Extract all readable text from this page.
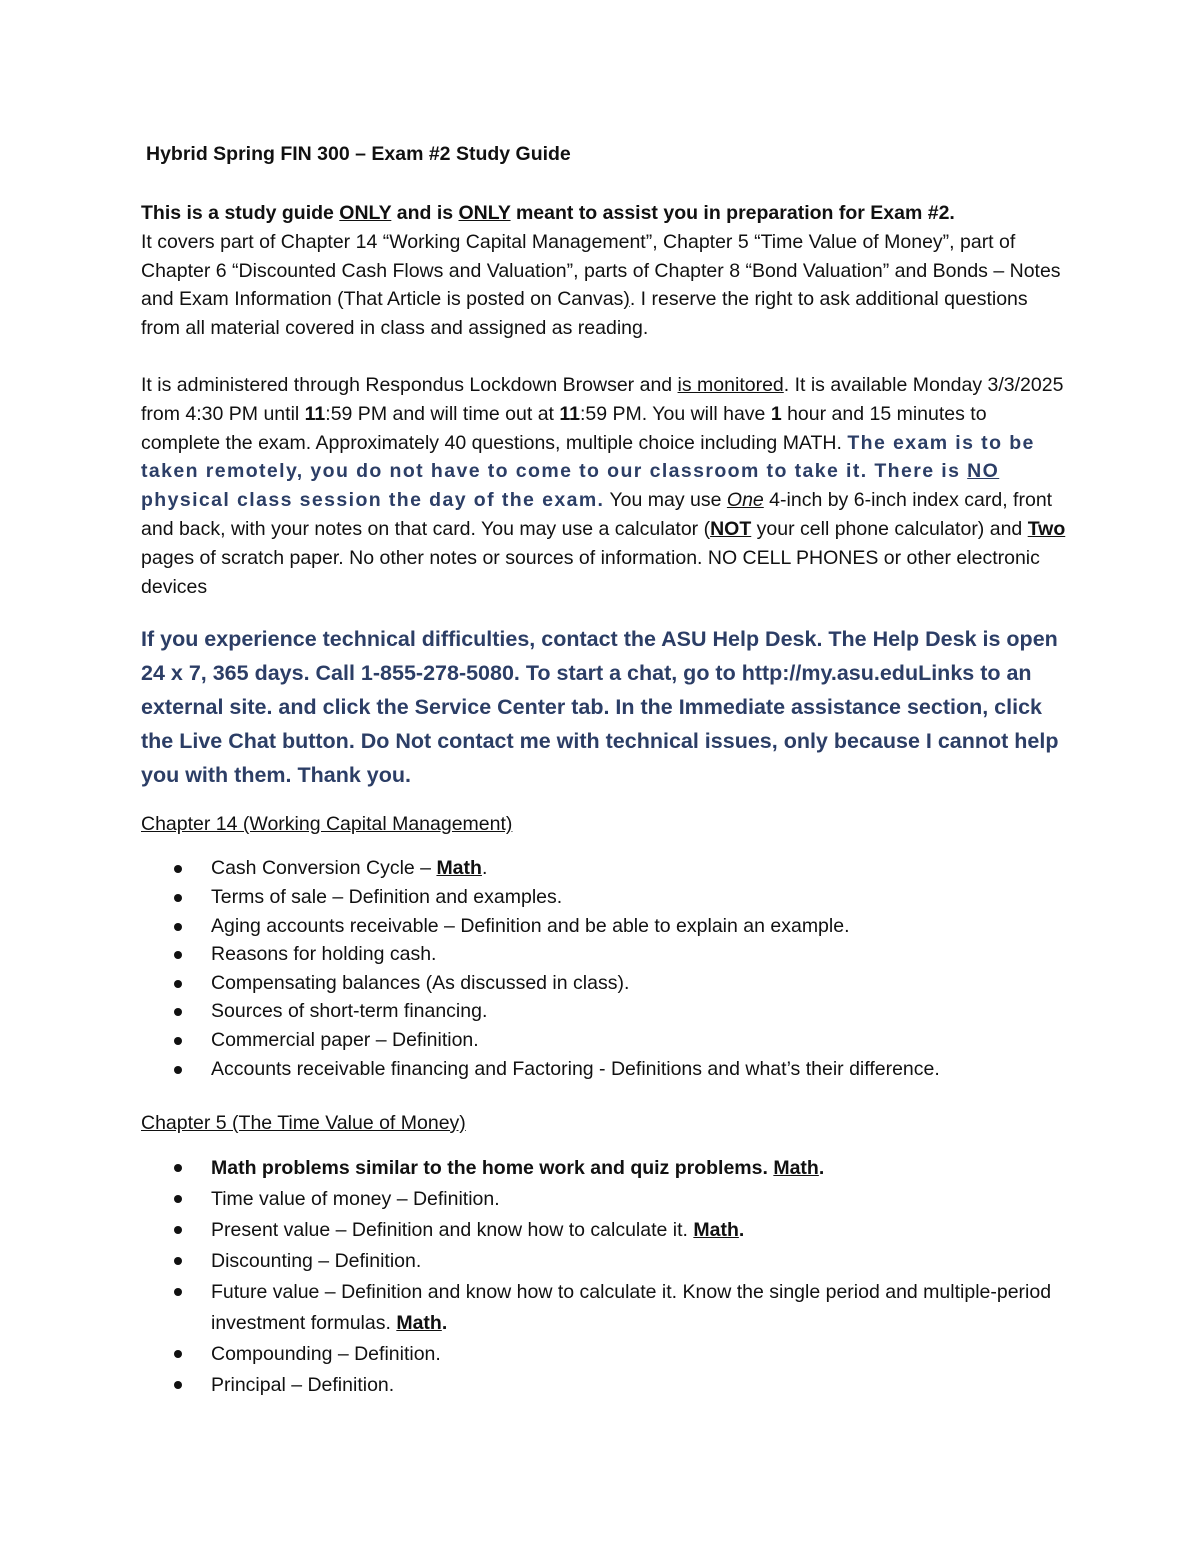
Hybrid Spring FIN 300 – Exam #2 Study Guide
This is a study guide ONLY and is ONLY meant to assist you in preparation for Exam #2.
It covers part of Chapter 14 “Working Capital Management”, Chapter 5 “Time Value of Money”, part of Chapter 6 “Discounted Cash Flows and Valuation”, parts of Chapter 8 “Bond Valuation” and Bonds – Notes and Exam Information (That Article is posted on Canvas). I reserve the right to ask additional questions from all material covered in class and assigned as reading.
It is administered through Respondus Lockdown Browser and is monitored. It is available Monday 3/3/2025 from 4:30 PM until 11:59 PM and will time out at 11:59 PM. You will have 1 hour and 15 minutes to complete the exam. Approximately 40 questions, multiple choice including MATH. The exam is to be taken remotely, you do not have to come to our classroom to take it. There is NO physical class session the day of the exam. You may use One 4-inch by 6-inch index card, front and back, with your notes on that card. You may use a calculator (NOT your cell phone calculator) and Two pages of scratch paper. No other notes or sources of information. NO CELL PHONES or other electronic devices
If you experience technical difficulties, contact the ASU Help Desk. The Help Desk is open 24 x 7, 365 days. Call 1-855-278-5080. To start a chat, go to http://my.asu.eduLinks to an external site. and click the Service Center tab. In the Immediate assistance section, click the Live Chat button. Do Not contact me with technical issues, only because I cannot help you with them. Thank you.
Chapter 14 (Working Capital Management)
Cash Conversion Cycle – Math.
Terms of sale – Definition and examples.
Aging accounts receivable – Definition and be able to explain an example.
Reasons for holding cash.
Compensating balances (As discussed in class).
Sources of short-term financing.
Commercial paper – Definition.
Accounts receivable financing and Factoring - Definitions and what’s their difference.
Chapter 5 (The Time Value of Money)
Math problems similar to the home work and quiz problems. Math.
Time value of money – Definition.
Present value – Definition and know how to calculate it. Math.
Discounting – Definition.
Future value – Definition and know how to calculate it. Know the single period and multiple-period investment formulas. Math.
Compounding – Definition.
Principal – Definition.
